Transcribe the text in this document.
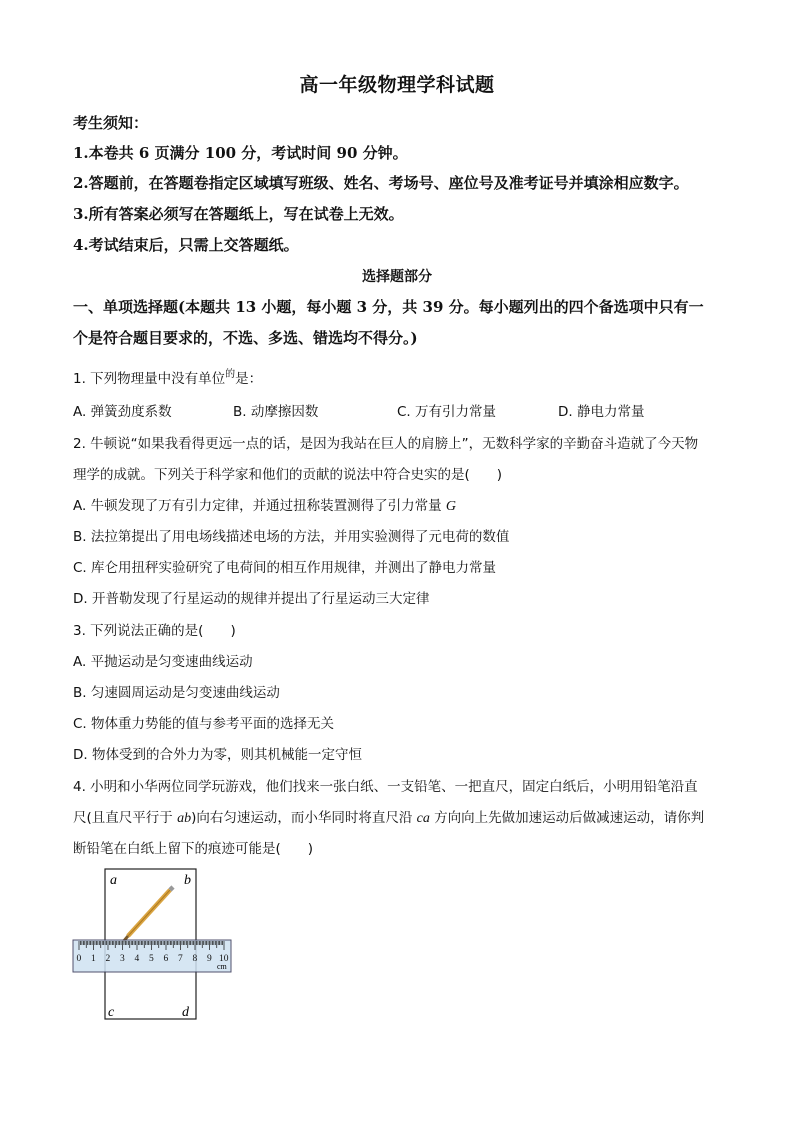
高一年级物理学科试题
考生须知：
1.本卷共 6 页满分 100 分，考试时间 90 分钟。
2.答题前，在答题卷指定区域填写班级、姓名、考场号、座位号及准考证号并填涂相应数字。
3.所有答案必须写在答题纸上，写在试卷上无效。
4.考试结束后，只需上交答题纸。
选择题部分
一、单项选择题(本题共 13 小题，每小题 3 分，共 39 分。每小题列出的四个备选项中只有一
个是符合题目要求的，不选、多选、错选均不得分。)
1. 下列物理量中没有单位$^的$是：
A. 弹簧劲度系数	B. 动摩擦因数	C. 万有引力常量	D. 静电力常量
2. 牛顿说“如果我看得更远一点的话，是因为我站在巨人的肩膀上”，无数科学家的辛勤奋斗造就了今天物
理学的成就。下列关于科学家和他们的贡献的说法中符合史实的是(　　)
A. 牛顿发现了万有引力定律，并通过扭称装置测得了引力常量 G
B. 法拉第提出了用电场线描述电场的方法，并用实验测得了元电荷的数值
C. 库仑用扭秤实验研究了电荷间的相互作用规律，并测出了静电力常量
D. 开普勒发现了行星运动的规律并提出了行星运动三大定律
3. 下列说法正确的是(　　)
A. 平抛运动是匀变速曲线运动
B. 匀速圆周运动是匀变速曲线运动
C. 物体重力势能的值与参考平面的选择无关
D. 物体受到的合外力为零，则其机械能一定守恒
4. 小明和小华两位同学玩游戏，他们找来一张白纸、一支铅笔、一把直尺，固定白纸后，小明用铅笔沿直
尺(且直尺平行于 ab)向右匀速运动，而小华同时将直尺沿 ca 方向向上先做加速运动后做减速运动，请你判
断铅笔在白纸上留下的痕迹可能是(　　)
a	b
c	d
0 1 2 3 4 5 6 7 8 9 10
cm
